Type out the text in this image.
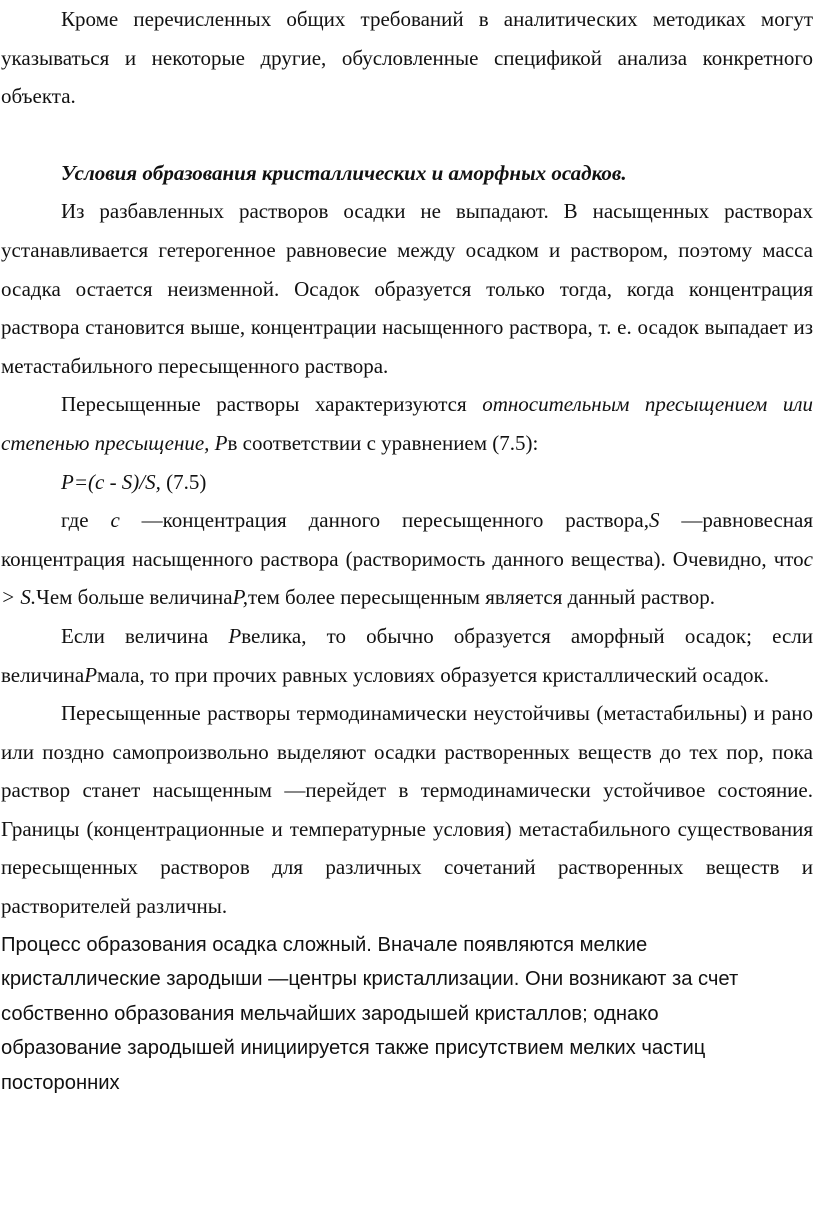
Кроме перечисленных общих требований в аналитических методиках могут указываться и некоторые другие, обусловленные спецификой анализа конкретного объекта.

Условия образования кристаллических и аморфных осадков.

Из разбавленных растворов осадки не выпадают. В насыщенных растворах устанавливается гетерогенное равновесие между осадком и раствором, поэтому масса осадка остается неизменной. Осадок образуется только тогда, когда концентрация раствора становится выше, концентрации насыщенного раствора, т. е. осадок выпадает из метастабильного пересыщенного раствора.

Пересыщенные растворы характеризуются относительным пресыщением или степенью пресыщение, Pв соответствии с уравнением (7.5):

P=(c - S)/S, (7.5)

где c —концентрация данного пересыщенного раствора,S —равновесная концентрация насыщенного раствора (растворимость данного вещества). Очевидно, чтоc > S.Чем больше величинаP,тем более пересыщенным является данный раствор.

Если величина Pвелика, то обычно образуется аморфный осадок; если величинаPмала, то при прочих равных условиях образуется кристаллический осадок.

Пересыщенные растворы термодинамически неустойчивы (метастабильны) и рано или поздно самопроизвольно выделяют осадки растворенных веществ до тех пор, пока раствор станет насыщенным —перейдет в термодинамически устойчивое состояние. Границы (концентрационные и температурные условия) метастабильного существования пересыщенных растворов для различных сочетаний растворенных веществ и растворителей различны.

Процесс образования осадка сложный. Вначале появляются мелкие кристаллические зародыши —центры кристаллизации. Они возникают за счет собственно образования мельчайших зародышей кристаллов; однако образование зародышей инициируется также присутствием мелких частиц посторонних
